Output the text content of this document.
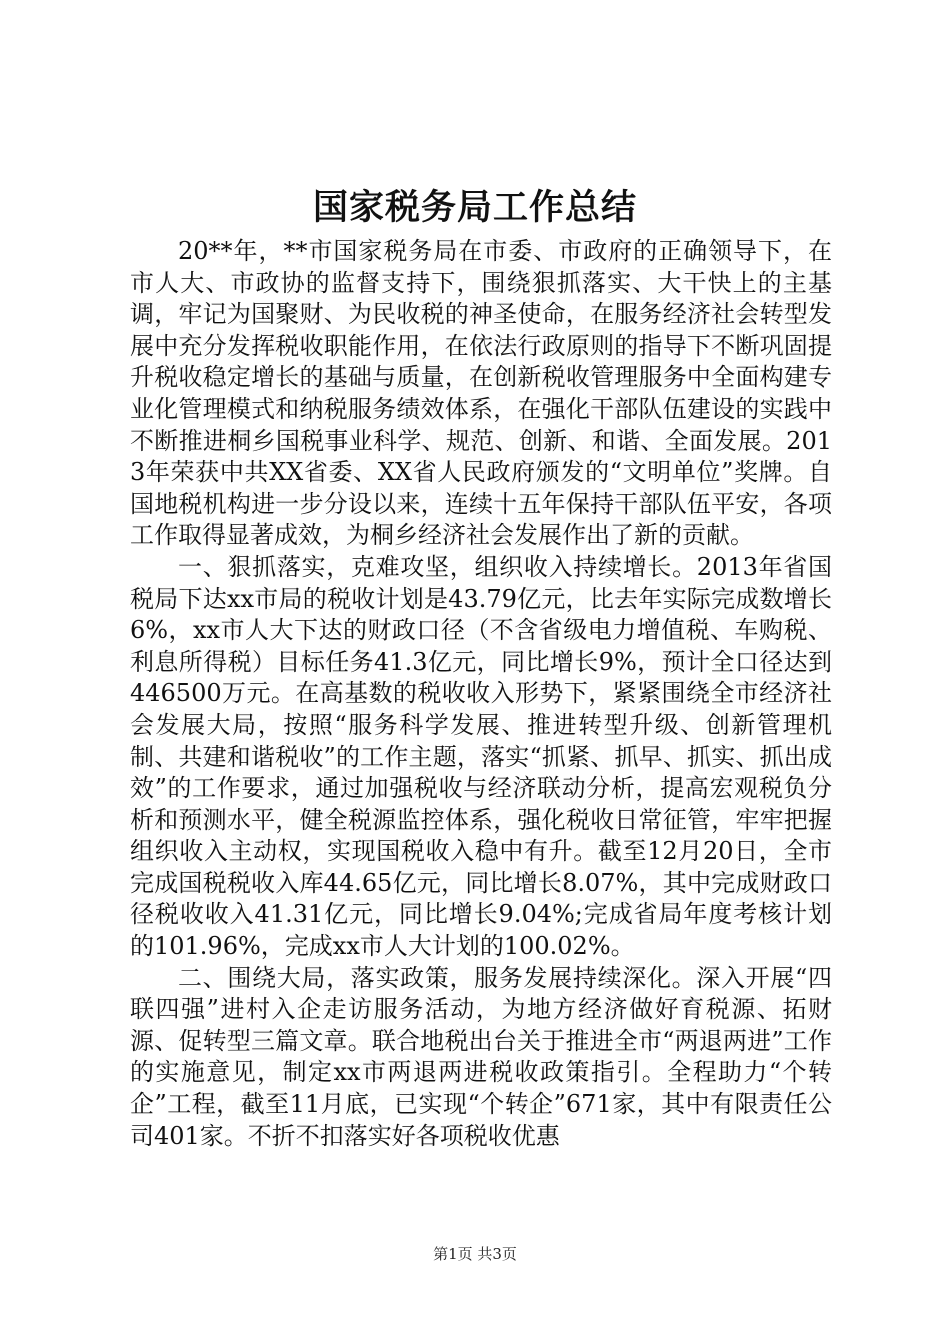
国家税务局工作总结

20**年，**市国家税务局在市委、市政府的正确领导下，在市人大、市政协的监督支持下，围绕狠抓落实、大干快上的主基调，牢记为国聚财、为民收税的神圣使命，在服务经济社会转型发展中充分发挥税收职能作用，在依法行政原则的指导下不断巩固提升税收稳定增长的基础与质量，在创新税收管理服务中全面构建专业化管理模式和纳税服务绩效体系，在强化干部队伍建设的实践中不断推进桐乡国税事业科学、规范、创新、和谐、全面发展。2013年荣获中共XX省委、XX省人民政府颁发的“文明单位”奖牌。自国地税机构进一步分设以来，连续十五年保持干部队伍平安，各项工作取得显著成效，为桐乡经济社会发展作出了新的贡献。

一、狠抓落实，克难攻坚，组织收入持续增长。2013年省国税局下达xx市局的税收计划是43.79亿元，比去年实际完成数增长6%，xx市人大下达的财政口径（不含省级电力增值税、车购税、利息所得税）目标任务41.3亿元，同比增长9%，预计全口径达到446500万元。在高基数的税收收入形势下，紧紧围绕全市经济社会发展大局，按照“服务科学发展、推进转型升级、创新管理机制、共建和谐税收”的工作主题，落实“抓紧、抓早、抓实、抓出成效”的工作要求，通过加强税收与经济联动分析，提高宏观税负分析和预测水平，健全税源监控体系，强化税收日常征管，牢牢把握组织收入主动权，实现国税收入稳中有升。截至12月20日，全市完成国税税收入库44.65亿元，同比增长8.07%，其中完成财政口径税收收入41.31亿元，同比增长9.04%;完成省局年度考核计划的101.96%，完成xx市人大计划的100.02%。

二、围绕大局，落实政策，服务发展持续深化。深入开展“四联四强”进村入企走访服务活动，为地方经济做好育税源、拓财源、促转型三篇文章。联合地税出台关于推进全市“两退两进”工作的实施意见，制定xx市两退两进税收政策指引。全程助力“个转企”工程，截至11月底，已实现“个转企”671家，其中有限责任公司401家。不折不扣落实好各项税收优惠

第1页 共3页
